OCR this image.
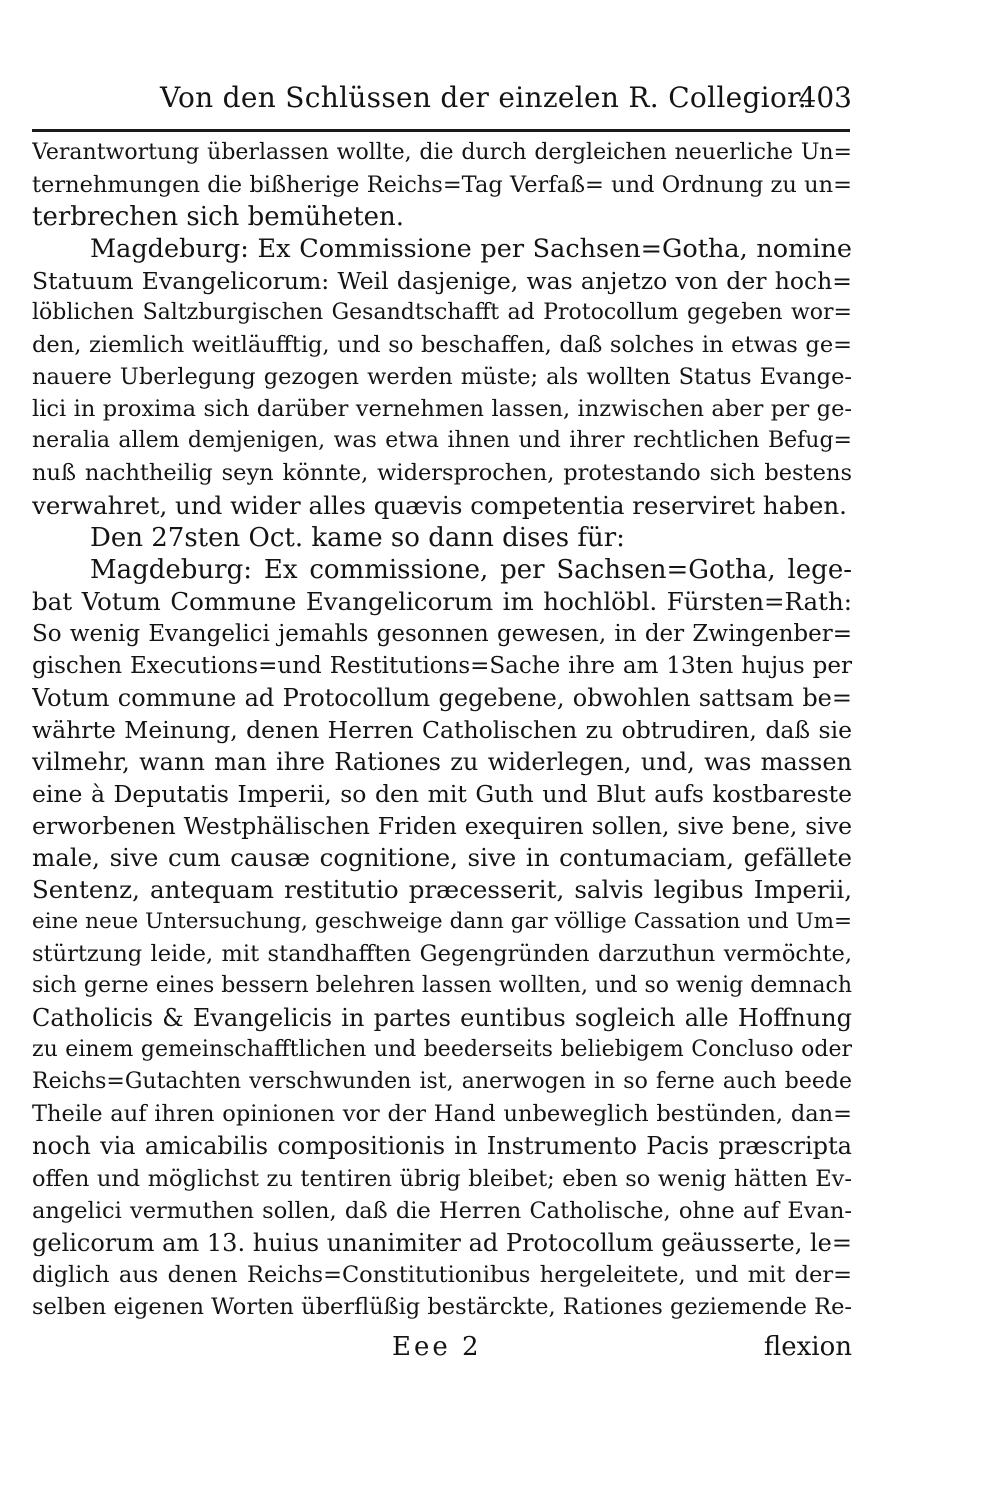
Von den Schlüssen der einzelen R. Collegior.
403
Verantwortung überlassen wollte, die durch dergleichen neuerliche Un=
ternehmungen die bißherige Reichs=Tag Verfaß= und Ordnung zu un=
terbrechen sich bemüheten.
Magdeburg: Ex Commissione per Sachsen=Gotha, nomine
Statuum Evangelicorum: Weil dasjenige, was anjetzo von der hoch=
löblichen Saltzburgischen Gesandtschafft ad Protocollum gegeben wor=
den, ziemlich weitläufftig, und so beschaffen, daß solches in etwas ge=
nauere Uberlegung gezogen werden müste; als wollten Status Evange-
lici in proxima sich darüber vernehmen lassen, inzwischen aber per ge-
neralia allem demjenigen, was etwa ihnen und ihrer rechtlichen Befug=
nuß nachtheilig seyn könnte, widersprochen, protestando sich bestens
verwahret, und wider alles quævis competentia reserviret haben.
Den 27sten Oct. kame so dann dises für:
Magdeburg: Ex commissione, per Sachsen=Gotha, lege-
bat Votum Commune Evangelicorum im hochlöbl. Fürsten=Rath:
So wenig Evangelici jemahls gesonnen gewesen, in der Zwingenber=
gischen Executions=und Restitutions=Sache ihre am 13ten hujus per
Votum commune ad Protocollum gegebene, obwohlen sattsam be=
währte Meinung, denen Herren Catholischen zu obtrudiren, daß sie
vilmehr, wann man ihre Rationes zu widerlegen, und, was massen
eine à Deputatis Imperii, so den mit Guth und Blut aufs kostbareste
erworbenen Westphälischen Friden exequiren sollen, sive bene, sive
male, sive cum causæ cognitione, sive in contumaciam, gefällete
Sentenz, antequam restitutio præcesserit, salvis legibus Imperii,
eine neue Untersuchung, geschweige dann gar völlige Cassation und Um=
stürtzung leide, mit standhafften Gegengründen darzuthun vermöchte,
sich gerne eines bessern belehren lassen wollten, und so wenig demnach
Catholicis & Evangelicis in partes euntibus sogleich alle Hoffnung
zu einem gemeinschafftlichen und beederseits beliebigem Concluso oder
Reichs=Gutachten verschwunden ist, anerwogen in so ferne auch beede
Theile auf ihren opinionen vor der Hand unbeweglich bestünden, dan=
noch via amicabilis compositionis in Instrumento Pacis præscripta
offen und möglichst zu tentiren übrig bleibet; eben so wenig hätten Ev-
angelici vermuthen sollen, daß die Herren Catholische, ohne auf Evan-
gelicorum am 13. huius unanimiter ad Protocollum geäusserte, le=
diglich aus denen Reichs=Constitutionibus hergeleitete, und mit der=
selben eigenen Worten überflüßig bestärckte, Rationes geziemende Re-
Eee 2	flexion
